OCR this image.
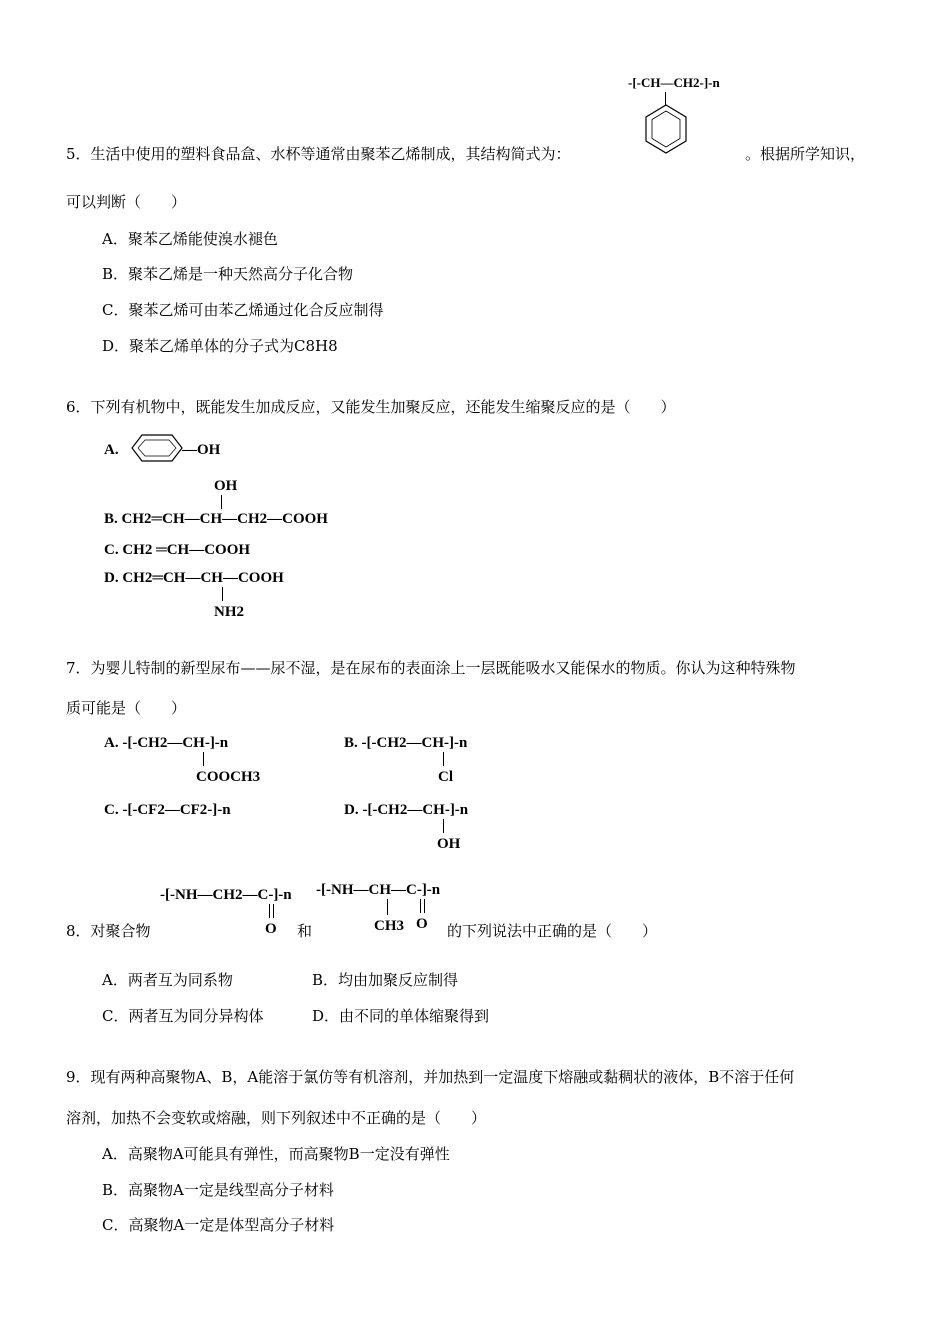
-[-CH—CH2-]-n
5．生活中使用的塑料食品盒、水杯等通常由聚苯乙烯制成，其结构简式为：	。根据所学知识，
可以判断（　　）
A．聚苯乙烯能使溴水褪色
B．聚苯乙烯是一种天然高分子化合物
C．聚苯乙烯可由苯乙烯通过化合反应制得
D．聚苯乙烯单体的分子式为C8H8
6．下列有机物中，既能发生加成反应，又能发生加聚反应，还能发生缩聚反应的是（　　）
A.	—OH
OH
B. CH2═CH—CH—CH2—COOH
C. CH2 ═CH—COOH
D. CH2═CH—CH—COOH
NH2
7．为婴儿特制的新型尿布——尿不湿，是在尿布的表面涂上一层既能吸水又能保水的物质。你认为这种特殊物
质可能是（　　）
A. -[-CH2—CH-]-n
COOCH3
B. -[-CH2—CH-]-n
Cl
C. -[-CF2—CF2-]-n	D. -[-CH2—CH-]-n
OH
-[-NH—CH2—C-]-n
O
-[-NH—CH—C-]-n
CH3 O
8．对聚合物	和	的下列说法中正确的是（　　）
A．两者互为同系物	B．均由加聚反应制得
C．两者互为同分异构体	D．由不同的单体缩聚得到
9．现有两种高聚物A、B，A能溶于氯仿等有机溶剂，并加热到一定温度下熔融或黏稠状的液体，B不溶于任何
溶剂，加热不会变软或熔融，则下列叙述中不正确的是（　　）
A．高聚物A可能具有弹性，而高聚物B一定没有弹性
B．高聚物A一定是线型高分子材料
C．高聚物A一定是体型高分子材料
